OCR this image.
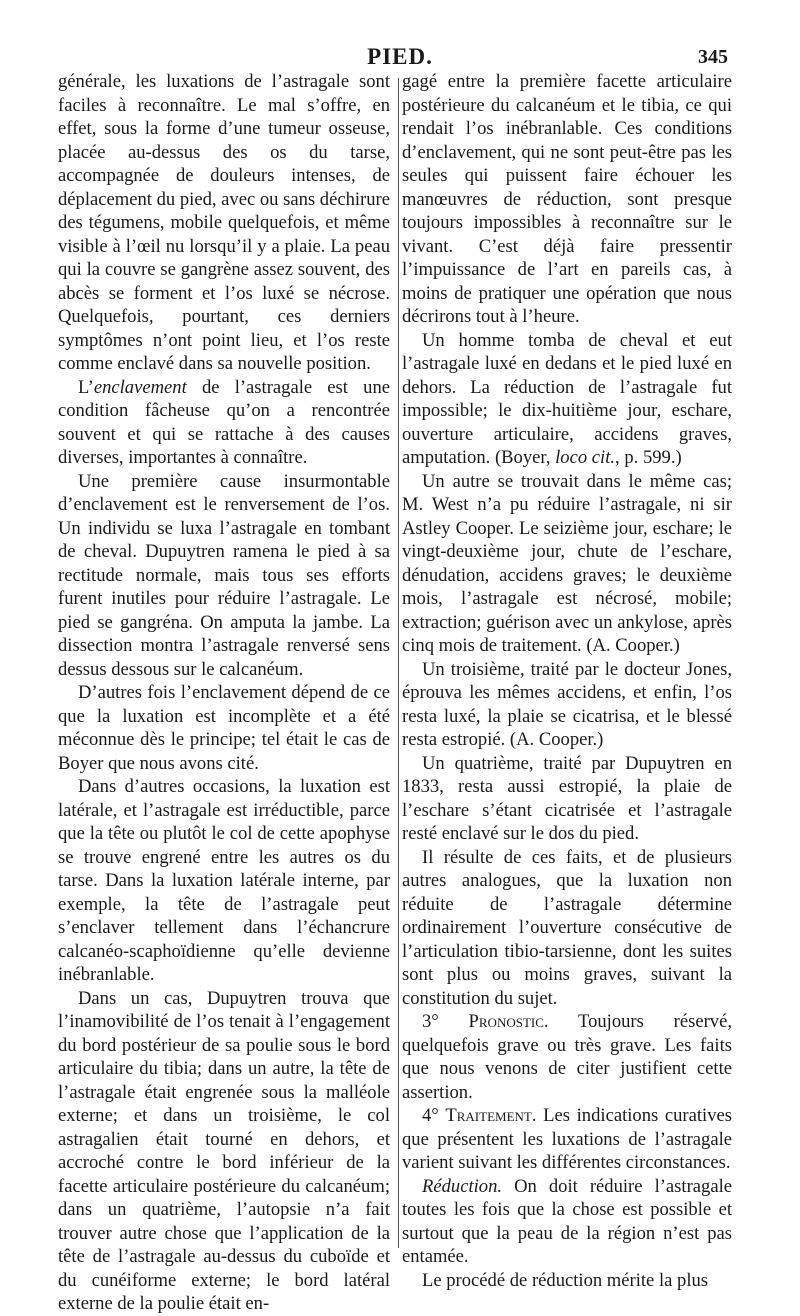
PIED.	345

générale, les luxations de l’astragale sont faciles à reconnaître. Le mal s’offre, en effet, sous la forme d’une tumeur osseuse, placée au-dessus des os du tarse, accompagnée de douleurs intenses, de déplacement du pied, avec ou sans déchirure des tégumens, mobile quelquefois, et même visible à l’œil nu lorsqu’il y a plaie. La peau qui la couvre se gangrène assez souvent, des abcès se forment et l’os luxé se nécrose. Quelquefois, pourtant, ces derniers symptômes n’ont point lieu, et l’os reste comme enclavé dans sa nouvelle position.

L’enclavement de l’astragale est une condition fâcheuse qu’on a rencontrée souvent et qui se rattache à des causes diverses, importantes à connaître.

Une première cause insurmontable d’enclavement est le renversement de l’os. Un individu se luxa l’astragale en tombant de cheval. Dupuytren ramena le pied à sa rectitude normale, mais tous ses efforts furent inutiles pour réduire l’astragale. Le pied se gangréna. On amputa la jambe. La dissection montra l’astragale renversé sens dessus dessous sur le calcanéum.

D’autres fois l’enclavement dépend de ce que la luxation est incomplète et a été méconnue dès le principe; tel était le cas de Boyer que nous avons cité.

Dans d’autres occasions, la luxation est latérale, et l’astragale est irréductible, parce que la tête ou plutôt le col de cette apophyse se trouve engrené entre les autres os du tarse. Dans la luxation latérale interne, par exemple, la tête de l’astragale peut s’enclaver tellement dans l’échancrure calcanéo-scaphoïdienne qu’elle devienne inébranlable.

Dans un cas, Dupuytren trouva que l’inamovibilité de l’os tenait à l’engagement du bord postérieur de sa poulie sous le bord articulaire du tibia; dans un autre, la tête de l’astragale était engrenée sous la malléole externe; et dans un troisième, le col astragalien était tourné en dehors, et accroché contre le bord inférieur de la facette articulaire postérieure du calcanéum; dans un quatrième, l’autopsie n’a fait trouver autre chose que l’application de la tête de l’astragale au-dessus du cuboïde et du cunéiforme externe; le bord latéral externe de la poulie était en-

gagé entre la première facette articulaire postérieure du calcanéum et le tibia, ce qui rendait l’os inébranlable. Ces conditions d’enclavement, qui ne sont peut-être pas les seules qui puissent faire échouer les manœuvres de réduction, sont presque toujours impossibles à reconnaître sur le vivant. C’est déjà faire pressentir l’impuissance de l’art en pareils cas, à moins de pratiquer une opération que nous décrirons tout à l’heure.

Un homme tomba de cheval et eut l’astragale luxé en dedans et le pied luxé en dehors. La réduction de l’astragale fut impossible; le dix-huitième jour, eschare, ouverture articulaire, accidens graves, amputation. (Boyer, loco cit., p. 599.)

Un autre se trouvait dans le même cas; M. West n’a pu réduire l’astragale, ni sir Astley Cooper. Le seizième jour, eschare; le vingt-deuxième jour, chute de l’eschare, dénudation, accidens graves; le deuxième mois, l’astragale est nécrosé, mobile; extraction; guérison avec un ankylose, après cinq mois de traitement. (A. Cooper.)

Un troisième, traité par le docteur Jones, éprouva les mêmes accidens, et enfin, l’os resta luxé, la plaie se cicatrisa, et le blessé resta estropié. (A. Cooper.)

Un quatrième, traité par Dupuytren en 1833, resta aussi estropié, la plaie de l’eschare s’étant cicatrisée et l’astragale resté enclavé sur le dos du pied.

Il résulte de ces faits, et de plusieurs autres analogues, que la luxation non réduite de l’astragale détermine ordinairement l’ouverture consécutive de l’articulation tibio-tarsienne, dont les suites sont plus ou moins graves, suivant la constitution du sujet.

3° Pronostic. Toujours réservé, quelquefois grave ou très grave. Les faits que nous venons de citer justifient cette assertion.

4° Traitement. Les indications curatives que présentent les luxations de l’astragale varient suivant les différentes circonstances.

Réduction. On doit réduire l’astragale toutes les fois que la chose est possible et surtout que la peau de la région n’est pas entamée.

Le procédé de réduction mérite la plus
